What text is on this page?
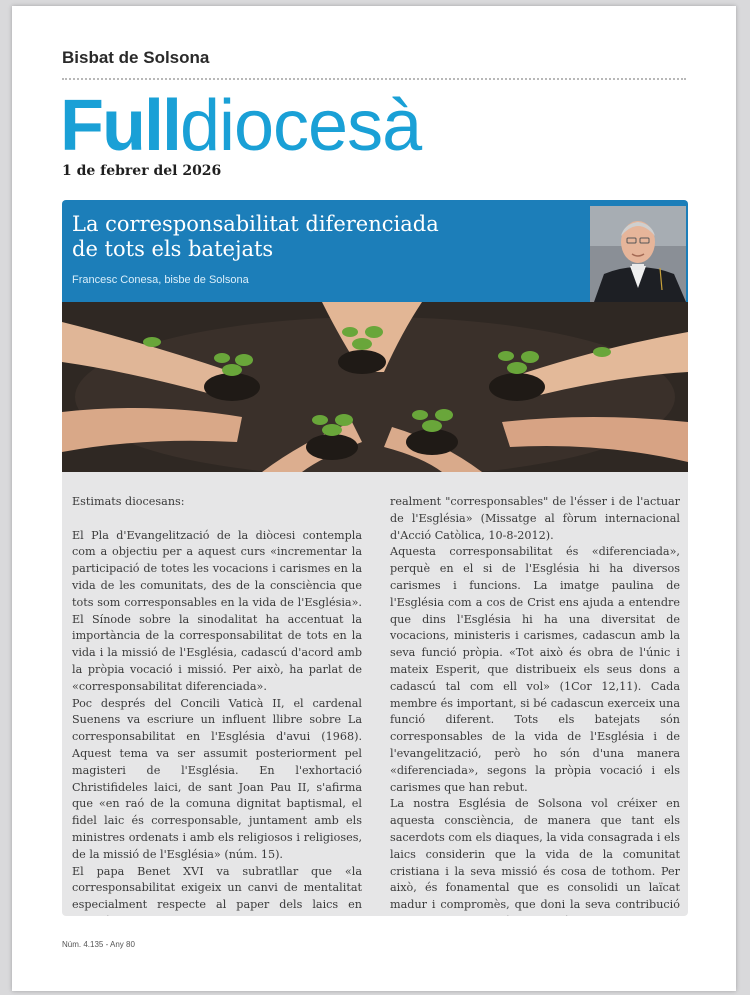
Bisbat de Solsona
Fulldiocesà
1 de febrer del 2026
La corresponsabilitat diferenciada
de tots els batejats
Francesc Conesa, bisbe de Solsona

Estimats diocesans:

El Pla d'Evangelització de la diòcesi contempla com a objectiu per a aquest curs «incrementar la participació de totes les vocacions i carismes en la vida de les comunitats, des de la consciència que tots som corresponsables en la vida de l'Església». El Sínode sobre la sinodalitat ha accentuat la importància de la corresponsabilitat de tots en la vida i la missió de l'Església, cadascú d'acord amb la pròpia vocació i missió. Per això, ha parlat de «corresponsabilitat diferenciada».

Poc després del Concili Vaticà II, el cardenal Suenens va escriure un influent llibre sobre La corresponsabilitat en l'Església d'avui (1968). Aquest tema va ser assumit posteriorment pel magisteri de l'Església. En l'exhortació Christifideles laici, de sant Joan Pau II, s'afirma que «en raó de la comuna dignitat baptismal, el fidel laic és corresponsable, juntament amb els ministres ordenats i amb els religiosos i religioses, de la missió de l'Església» (núm. 15).

El papa Benet XVI va subratllar que «la corresponsabilitat exigeix un canvi de mentalitat especialment respecte al paper dels laics en realment "corresponsables" de l'ésser i de l'actuar de l'Església» (Missatge al fòrum internacional d'Acció Catòlica, 10-8-2012).

Aquesta corresponsabilitat és «diferenciada», perquè en el si de l'Església hi ha diversos carismes i funcions. La imatge paulina de l'Església com a cos de Crist ens ajuda a entendre que dins l'Església hi ha una diversitat de vocacions, ministeris i carismes, cadascun amb la seva funció pròpia. «Tot això és obra de l'únic i mateix Esperit, que distribueix els seus dons a cadascú tal com ell vol» (1Cor 12,11). Cada membre és important, si bé cadascun exerceix una funció diferent. Tots els batejats són corresponsables de la vida de l'Església i de l'evangelització, però ho són d'una manera «diferenciada», segons la pròpia vocació i els carismes que han rebut.

La nostra Església de Solsona vol créixer en aquesta consciència, de manera que tant els sacerdots com els diaques, la vida consagrada i els laics considerin que la vida de la comunitat cristiana i la seva missió és cosa de tothom. Per això, és fonamental que es consolidi un laïcat madur i compromès, que doni la seva contribució

Núm. 4.135 - Any 80
